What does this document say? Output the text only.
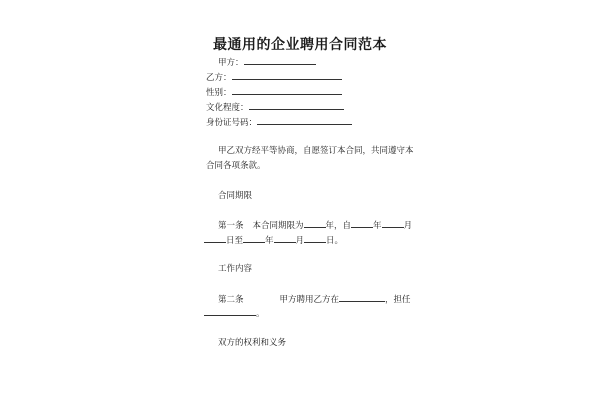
最通用的企业聘用合同范本
甲方：
乙方：
性别：
文化程度：
身份证号码：
甲乙双方经平等协商，自愿签订本合同，共同遵守本
合同各项条款。
合同期限
第一条 本合同期限为	年，自	年	月
日至	年	月	日。
工作内容
第二条	甲方聘用乙方在	，担任
。
双方的权利和义务
